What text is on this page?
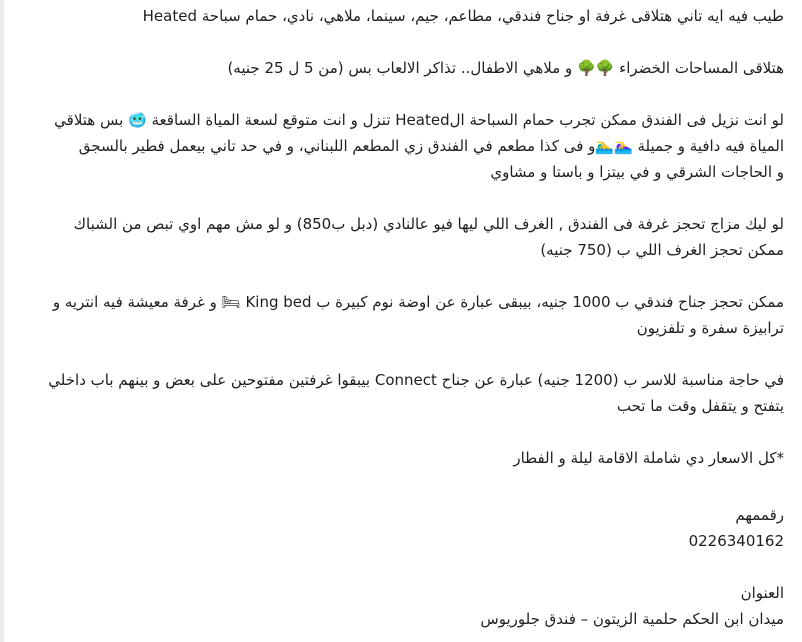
طيب فيه ايه تاني هتلاقى غرفة او جناح فندقي، مطاعم، جيم، سينما، ملاهي، نادي، حمام سباحة Heated
هتلاقى المساحات الخضراء 🌳🌳 و ملاهي الاطفال.. تذاكر الالعاب بس (من 5 ل 25 جنيه)
لو انت نزيل فى الفندق ممكن تجرب حمام السباحة الHeated تنزل و انت متوقع لسعة المياة الساقعة 🥶 بس هتلاقي
المياة فيه دافية و جميلة 🏊‍♀️🏊‍♂️و فى كذا مطعم في الفندق زي المطعم اللبناني، و في حد تاني بيعمل فطير بالسجق
و الحاجات الشرقي و في بيتزا و باستا و مشاوي
لو ليك مزاج تحجز غرفة فى الفندق , الغرف اللي ليها فيو عالنادي (دبل ب850) و لو مش مهم اوي تبص من الشباك
ممكن تحجز الغرف اللي ب (750 جنيه)
ممكن تحجز جناح فندقي ب 1000 جنيه، بيبقى عبارة عن اوضة نوم كبيرة ب King bed 🛏 و غرفة معيشة فيه انتريه و
ترابيزة سفرة و تلفزيون
في حاجة مناسبة للاسر ب (1200 جنيه) عبارة عن جناح Connect بيبقوا غرفتين مفتوحين على بعض و بينهم باب داخلي
يتفتح و يتقفل وقت ما تحب
*كل الاسعار دي شاملة الاقامة ليلة و الفطار
رقممهم
0226340162
العنوان
ميدان ابن الحكم حلمية الزيتون – فندق جلوريوس
